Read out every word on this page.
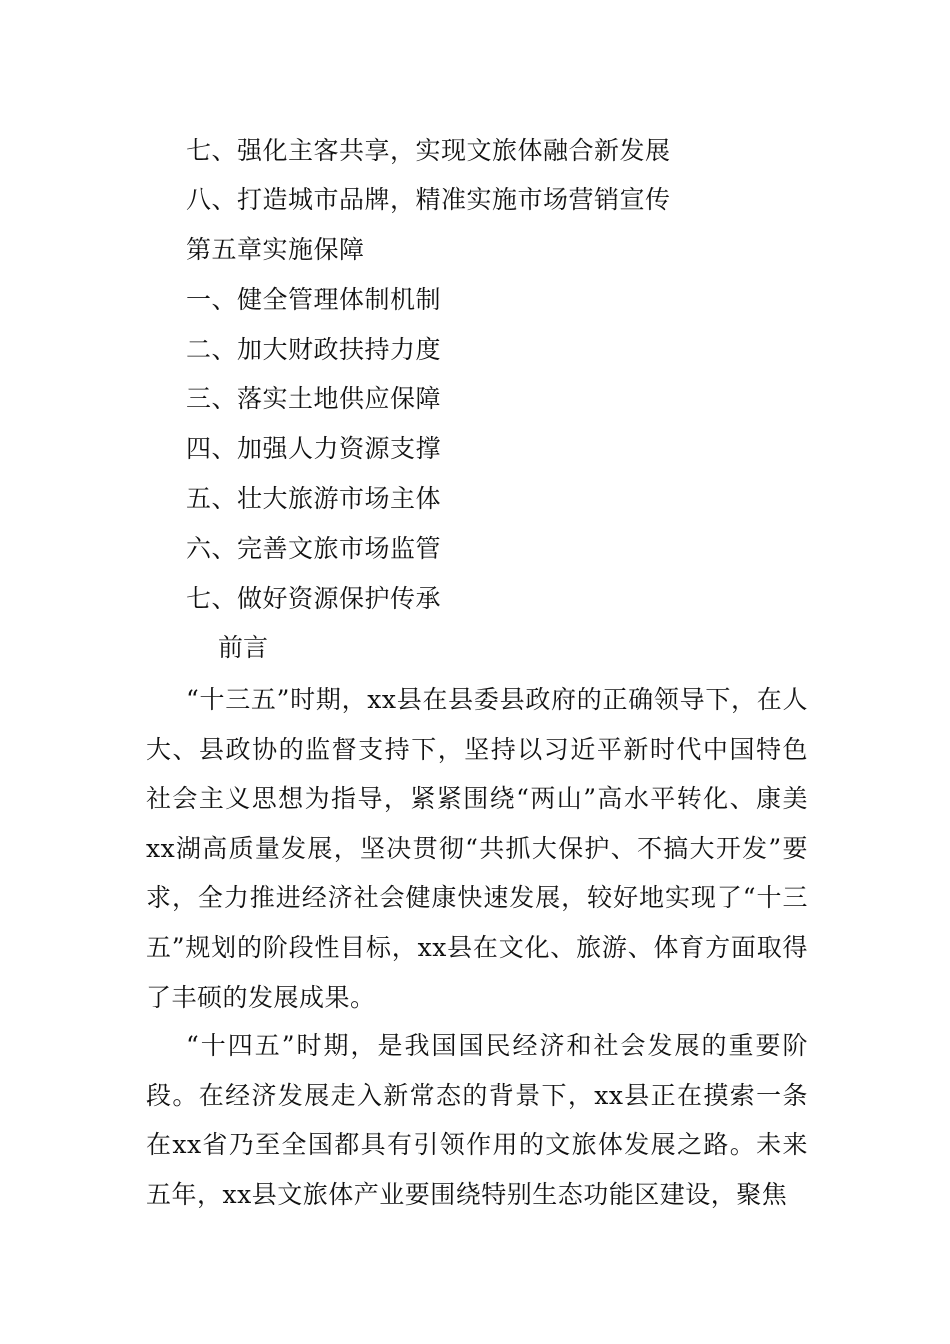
七、强化主客共享，实现文旅体融合新发展
八、打造城市品牌，精准实施市场营销宣传
第五章实施保障
一、健全管理体制机制
二、加大财政扶持力度
三、落实土地供应保障
四、加强人力资源支撑
五、壮大旅游市场主体
六、完善文旅市场监管
七、做好资源保护传承
前言

“十三五”时期，xx县在县委县政府的正确领导下，在人大、县政协的监督支持下，坚持以习近平新时代中国特色社会主义思想为指导，紧紧围绕“两山”高水平转化、康美xx湖高质量发展，坚决贯彻“共抓大保护、不搞大开发”要求，全力推进经济社会健康快速发展，较好地实现了“十三五”规划的阶段性目标，xx县在文化、旅游、体育方面取得了丰硕的发展成果。

“十四五”时期，是我国国民经济和社会发展的重要阶段。在经济发展走入新常态的背景下，xx县正在摸索一条在xx省乃至全国都具有引领作用的文旅体发展之路。未来五年，xx县文旅体产业要围绕特别生态功能区建设，聚焦
